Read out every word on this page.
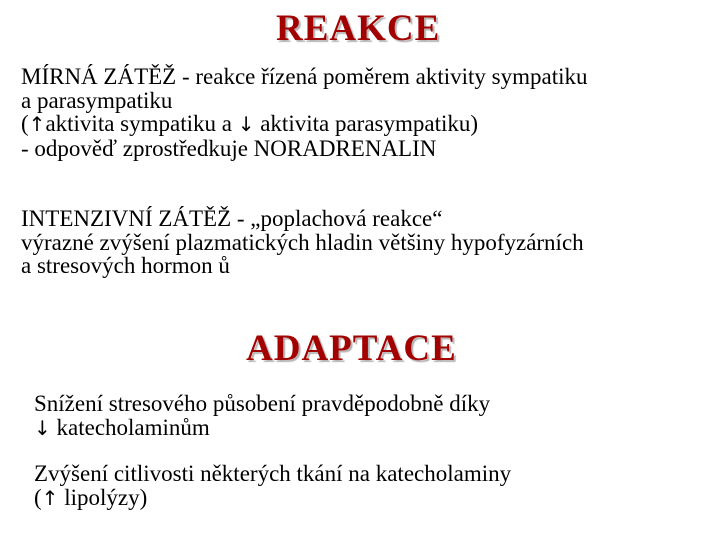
REAKCE
MÍRNÁ ZÁTĚŽ - reakce řízená poměrem aktivity sympatiku
a parasympatiku
(↑aktivita sympatiku a ↓ aktivita parasympatiku)
- odpověď zprostředkuje NORADRENALIN
INTENZIVNÍ ZÁTĚŽ - „poplachová reakce“
výrazné zvýšení plazmatických hladin většiny hypofyzárních
a stresových hormon ů
ADAPTACE
Snížení stresového působení pravděpodobně díky
↓ katecholaminům
Zvýšení citlivosti některých tkání na katecholaminy
(↑ lipolýzy)
